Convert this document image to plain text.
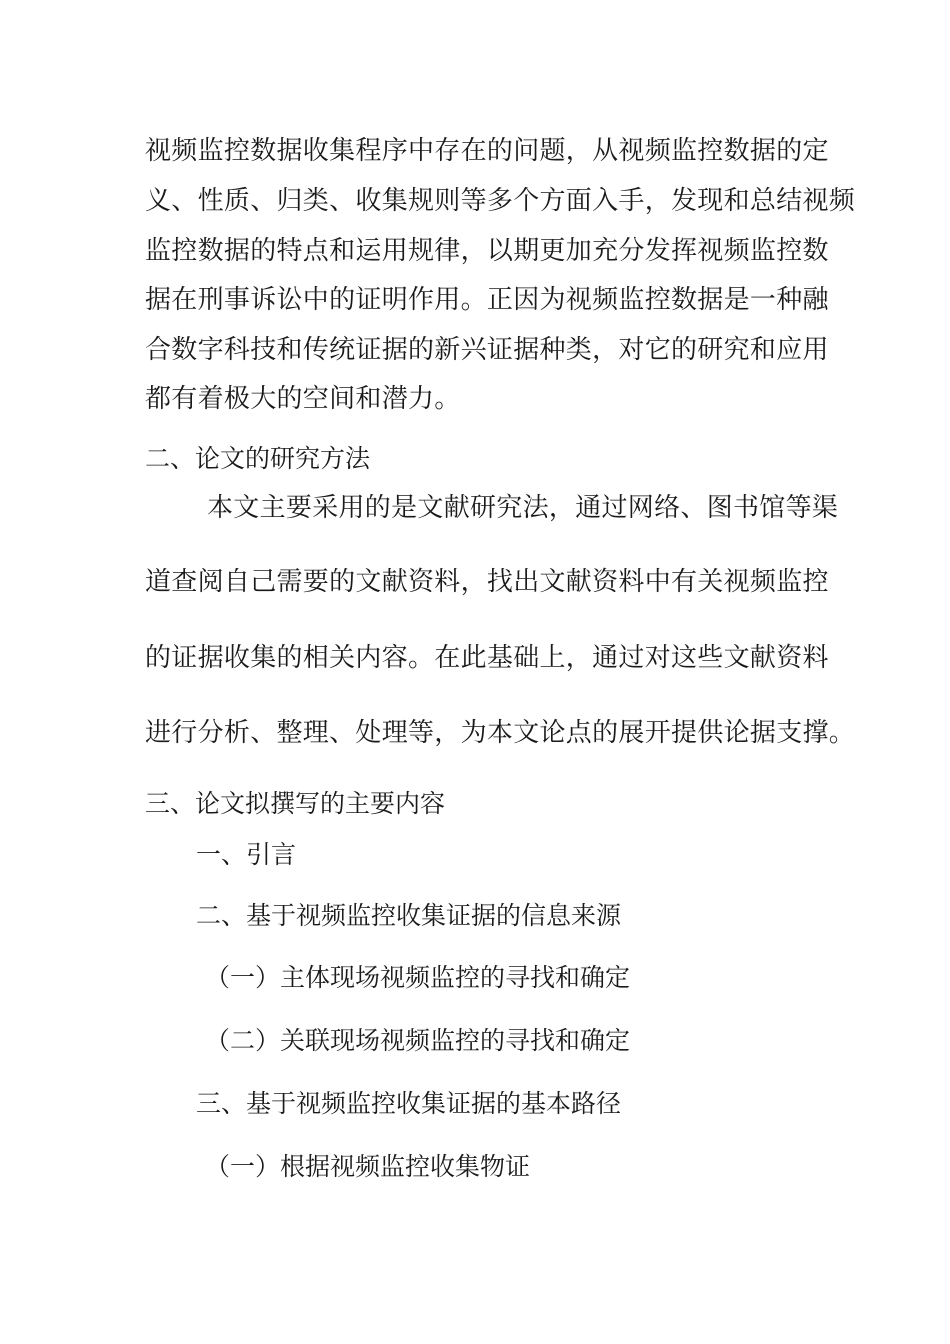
视频监控数据收集程序中存在的问题，从视频监控数据的定
义、性质、归类、收集规则等多个方面入手，发现和总结视频
监控数据的特点和运用规律，以期更加充分发挥视频监控数
据在刑事诉讼中的证明作用。正因为视频监控数据是一种融
合数字科技和传统证据的新兴证据种类，对它的研究和应用
都有着极大的空间和潜力。
二、论文的研究方法
本文主要采用的是文献研究法，通过网络、图书馆等渠
道查阅自己需要的文献资料，找出文献资料中有关视频监控
的证据收集的相关内容。在此基础上，通过对这些文献资料
进行分析、整理、处理等，为本文论点的展开提供论据支撑。
三、论文拟撰写的主要内容
一、引言
二、基于视频监控收集证据的信息来源
（一）主体现场视频监控的寻找和确定
（二）关联现场视频监控的寻找和确定
三、基于视频监控收集证据的基本路径
（一）根据视频监控收集物证
